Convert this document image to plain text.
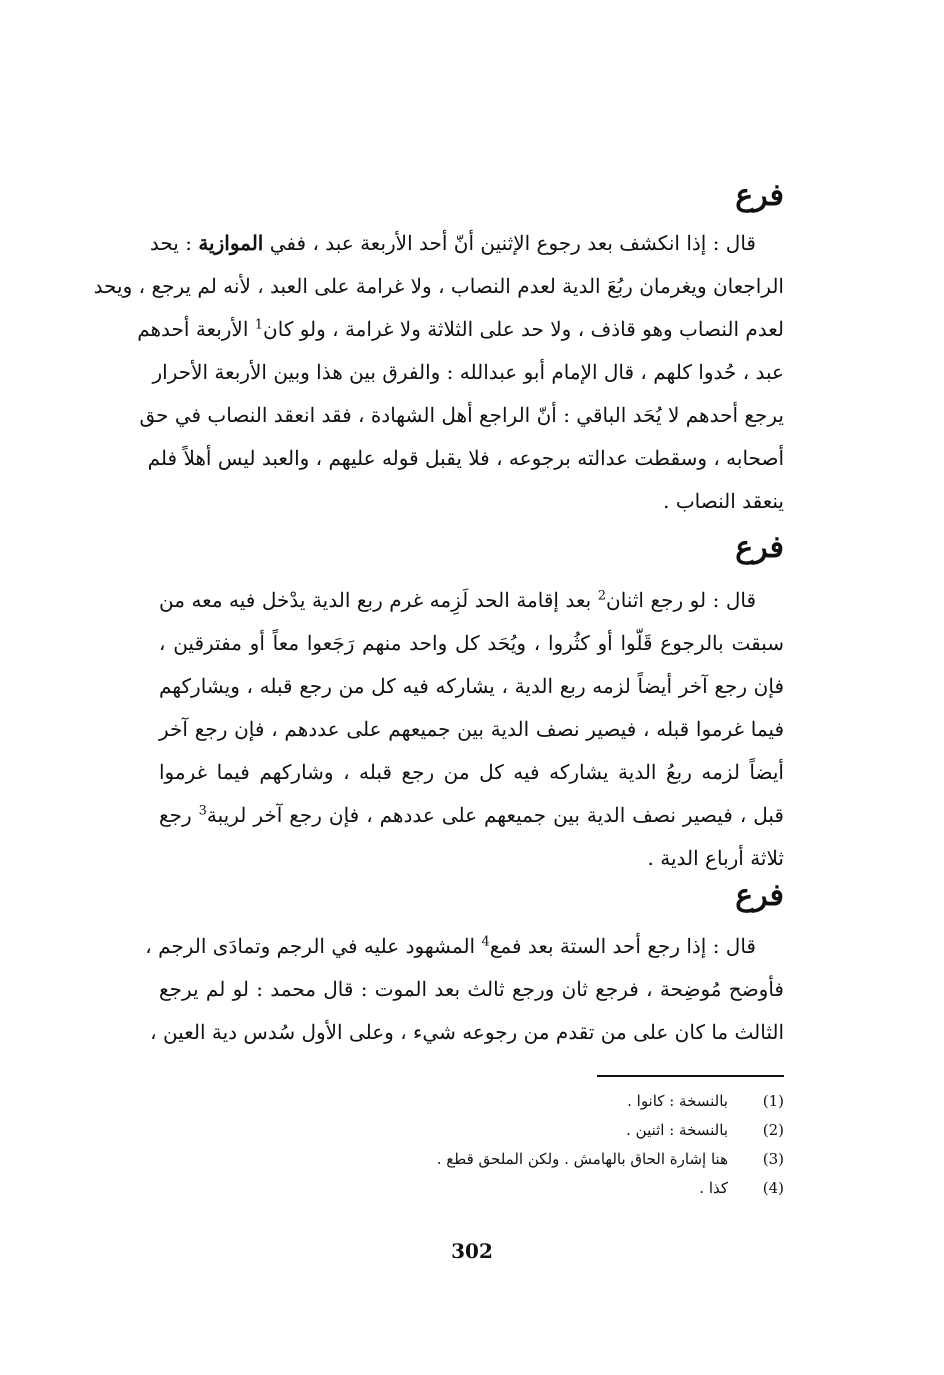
فرع
قال : إذا انكشف بعد رجوع الإثنين أنّ أحد الأربعة عبد ، ففي الموازية : يحد
الراجعان ويغرمان ربُعَ الدية لعدم النصاب ، ولا غرامة على العبد ، لأنه لم يرجع ، ويحد
لعدم النصاب وهو قاذف ، ولا حد على الثلاثة ولا غرامة ، ولو كان$^1$ الأربعة أحدهم
عبد ، حُدوا كلهم ، قال الإمام أبو عبدالله : والفرق بين هذا وبين الأربعة الأحرار
يرجع أحدهم لا يُحَد الباقي : أنّ الراجع أهل الشهادة ، فقد انعقد النصاب في حق
أصحابه ، وسقطت عدالته برجوعه ، فلا يقبل قوله عليهم ، والعبد ليس أهلاً فلم
ينعقد النصاب .
فرع
قال : لو رجع اثنان$^2$ بعد إقامة الحد لَزِمه غرم ربع الدية يدْخل فيه معه من
سبقت بالرجوع قَلّوا أو كثُروا ، ويُحَد كل واحد منهم رَجَعوا معاً أو مفترقين ،
فإن رجع آخر أيضاً لزمه ربع الدية ، يشاركه فيه كل من رجع قبله ، ويشاركهم
فيما غرموا قبله ، فيصير نصف الدية بين جميعهم على عددهم ، فإن رجع آخر
أيضاً لزمه ربعُ الدية يشاركه فيه كل من رجع قبله ، وشاركهم فيما غرموا
قبل ، فيصير نصف الدية بين جميعهم على عددهم ، فإن رجع آخر لريبة$^3$ رجع
ثلاثة أرباع الدية .
فرع
قال : إذا رجع أحد الستة بعد فمع$^4$ المشهود عليه في الرجم وتمادَى الرجم ،
فأوضح مُوضِحة ، فرجع ثان ورجع ثالث بعد الموت : قال محمد : لو لم يرجع
الثالث ما كان على من تقدم من رجوعه شيء ، وعلى الأول سُدس دية العين ،
(1)
بالنسخة : كانوا .
(2)
بالنسخة : اثنين .
(3)
هنا إشارة الحاق بالهامش . ولكن الملحق قطع .
(4)
كذا .
302
